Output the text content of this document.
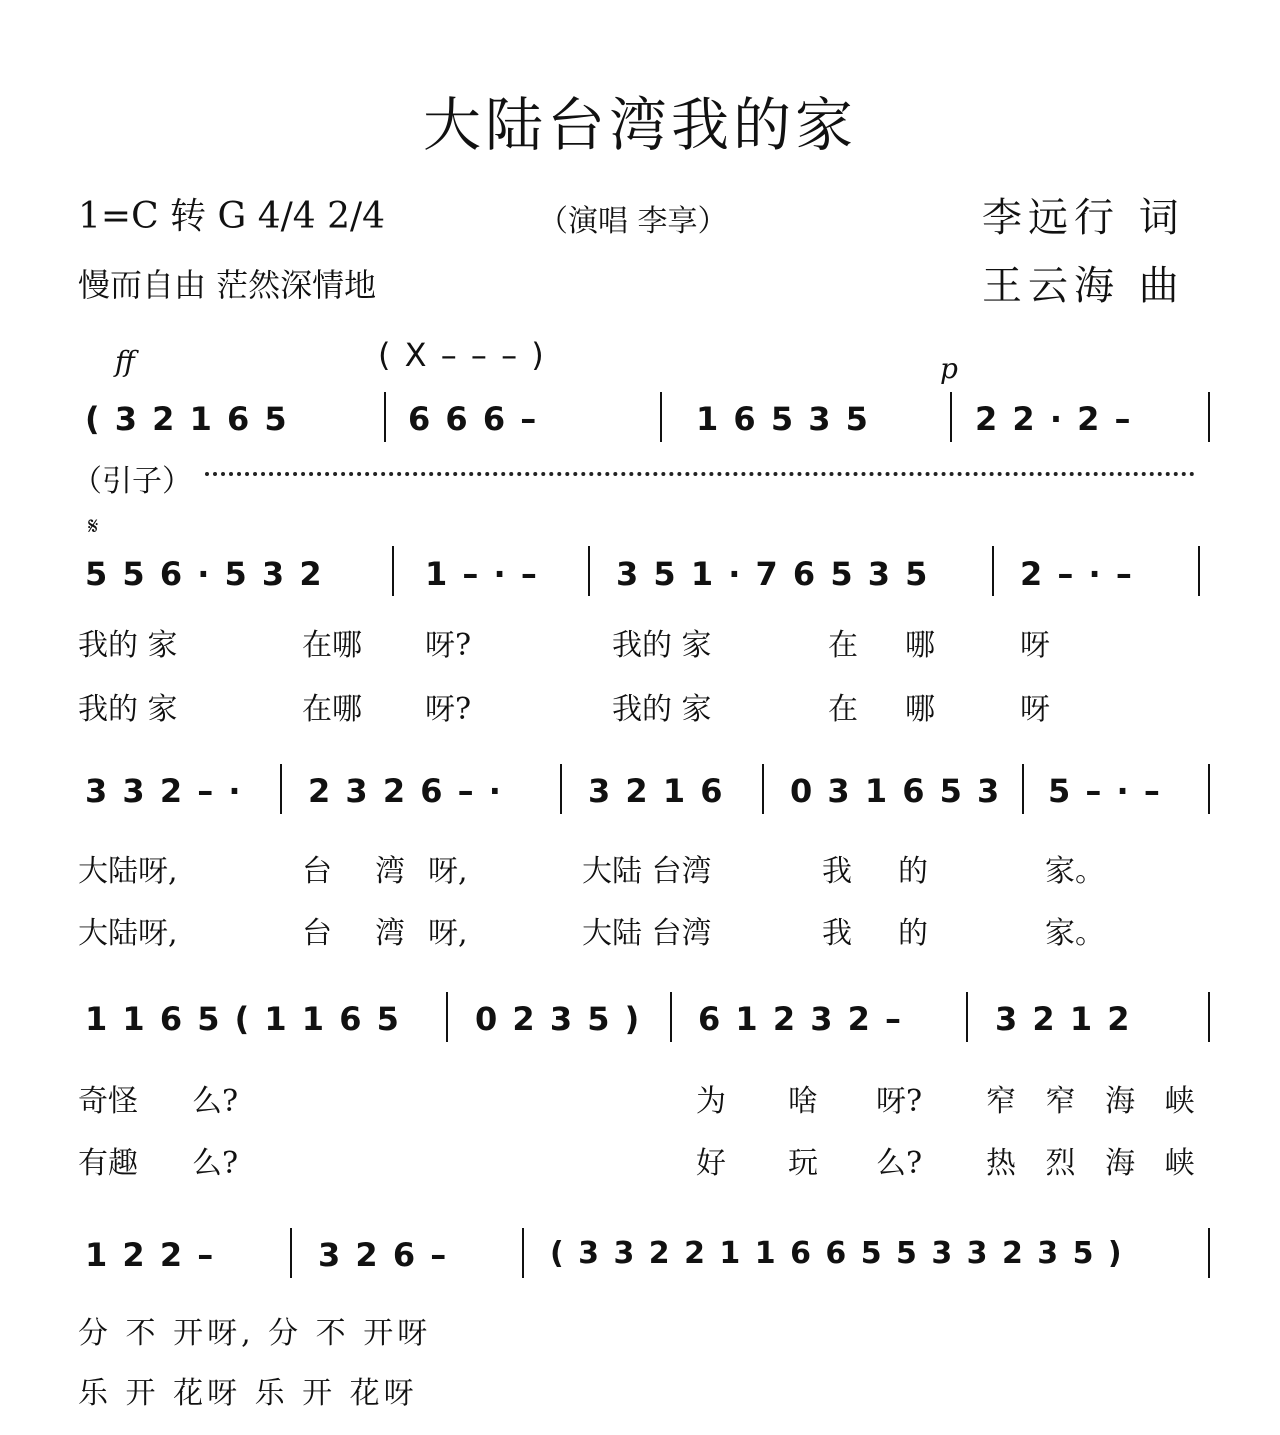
大陆台湾我的家
1=C 转 G 4/4 2/4	（演唱 李享）	李远行 词
王云海 曲
慢而自由 茫然深情地
ff	p
( X – – – )
( 3 2 1 6 5	6 6 6 –	1 6 5 3 5	2 2 · 2 –
（引子）
𝄋
5 5 6 · 5 3 2	1 – · – 3 5 1 · 7 6 5 3 5	2 – · –
我的 家	在哪 呀?	我的 家	在 哪	呀
我的 家	在哪 呀?	我的 家	在 哪	呀
3 3 2 – · 2 3 2 6 – ·	3 2 1 6 0 3 1 6 5 3 5 – · –
大陆呀,	台 湾 呀,	大陆 台湾	我 的	家。
大陆呀,	台 湾 呀,	大陆 台湾	我 的	家。
1 1 6 5 ( 1 1 6 5 0 2 3 5 ) 6 1 2 3 2 –	3 2 1 2
奇怪 么?	为 啥 呀? 窄 窄 海 峡
有趣 么?	好 玩 么? 热 烈 海 峡
1 2 2 –	3 2 6 –	( 3 3 2 2 1 1 6 6 5 5 3 3 2 3 5 )
分 不 开呀, 分 不 开呀
乐 开 花呀 乐 开 花呀
